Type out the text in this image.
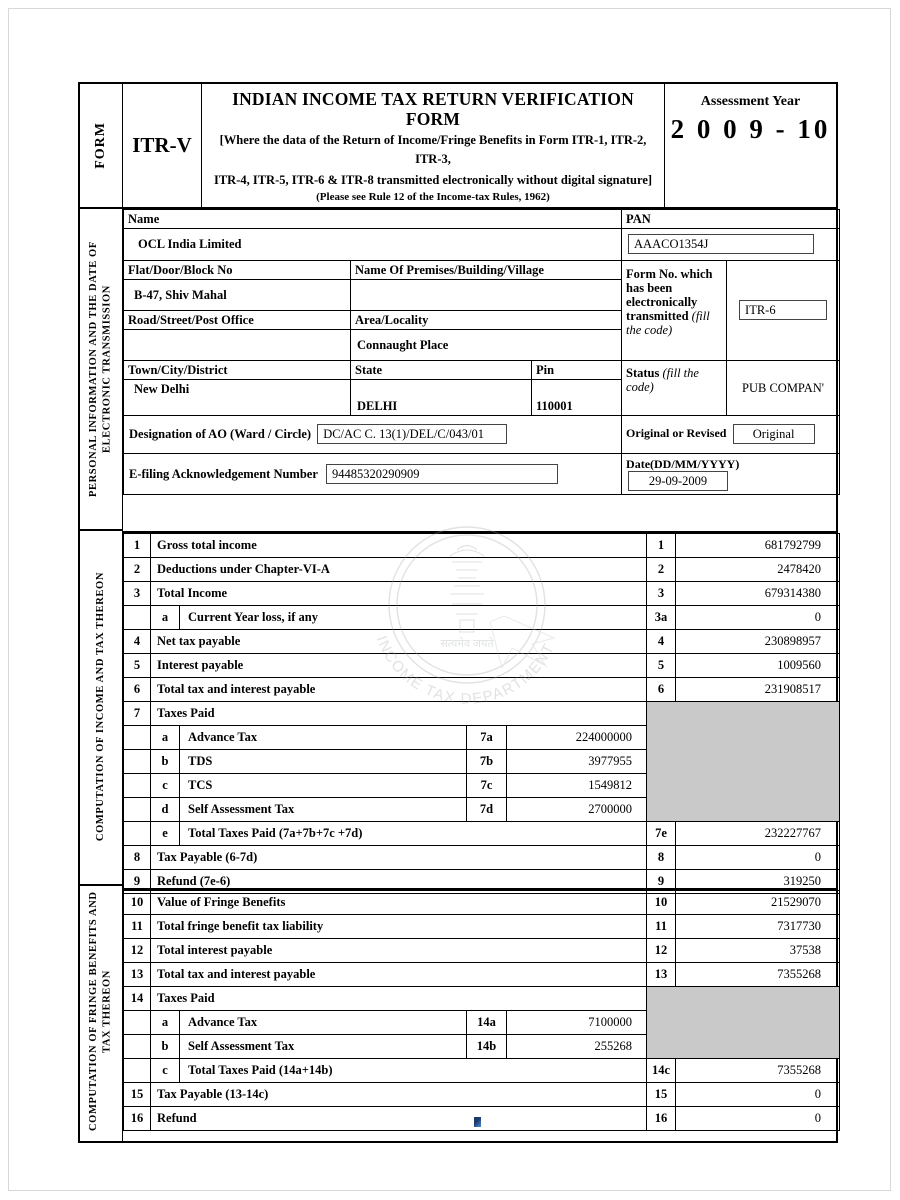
FORM ITR-V
INDIAN INCOME TAX RETURN VERIFICATION FORM
[Where the data of the Return of Income/Fringe Benefits in Form ITR-1, ITR-2, ITR-3,
ITR-4, ITR-5, ITR-6 & ITR-8 transmitted electronically without digital signature]
(Please see Rule 12 of the Income-tax Rules, 1962)
Assessment Year
2 0 0 9 - 10
PERSONAL INFORMATION AND THE DATE OF ELECTRONIC TRANSMISSION
COMPUTATION OF INCOME AND TAX THEREON
COMPUTATION OF FRINGE BENEFITS AND TAX THEREON
Name			PAN	
OCL India Limited			AAACO1354J	
Flat/Door/Block No	Name Of Premises/Building/Village		Form No. which has been electronically transmitted (fill the code)	ITR-6
B-47, Shiv Mahal				
Road/Street/Post Office	Area/Locality			
	Connaught Place			
Town/City/District	State	Pin	Status (fill the code)	PUB COMPAN'
New Delhi	DELHI	110001		
Designation of AO (Ward / Circle) DC/AC C. 13(1)/DEL/C/043/01			Original or Revised Original	
E-filing Acknowledgement Number 94485320290909			Date(DD/MM/YYYY) 29-09-2009	
1	Gross total income				1	681792799
2	Deductions under Chapter-VI-A				2	2478420
3	Total Income				3	679314380
	a	Current Year loss, if any			3a	0
4	Net tax payable				4	230898957
5	Interest payable				5	1009560
6	Total tax and interest payable				6	231908517
7	Taxes Paid					
	a	Advance Tax	7a	224000000		
	b	TDS	7b	3977955		
	c	TCS	7c	1549812		
	d	Self Assessment Tax	7d	2700000		
	e	Total Taxes Paid (7a+7b+7c +7d)			7e	232227767
8	Tax Payable (6-7d)				8	0
9	Refund (7e-6)				9	319250
10	Value of Fringe Benefits				10	21529070
11	Total fringe benefit tax liability				11	7317730
12	Total interest payable				12	37538
13	Total tax and interest payable				13	7355268
14	Taxes Paid					
	a	Advance Tax	14a	7100000		
	b	Self Assessment Tax	14b	255268		
	c	Total Taxes Paid (14a+14b)			14c	7355268
15	Tax Payable (13-14c)				15	0
16	Refund				16	0
सत्यमेव जयते
INCOME TAX DEPARTMENT
